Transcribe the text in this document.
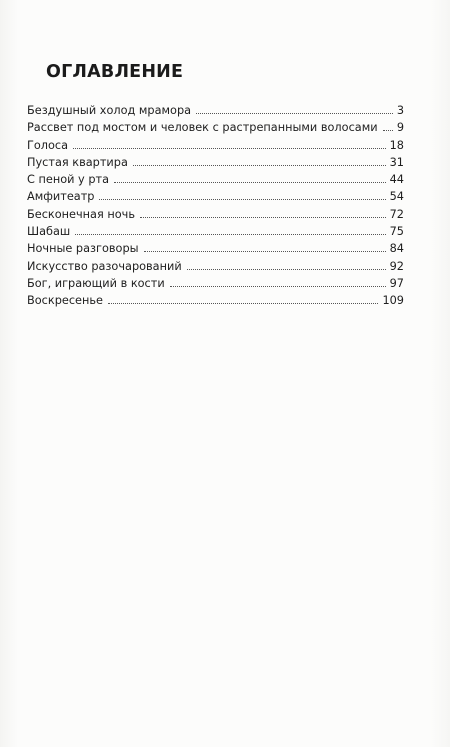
ОГЛАВЛЕНИЕ
Бездушный холод мрамора	3
Рассвет под мостом и человек с растрепанными волосами 9
Голоса	18
Пустая квартира	31
С пеной у рта	44
Амфитеатр	54
Бесконечная ночь	72
Шабаш	75
Ночные разговоры	84
Искусство разочарований	92
Бог, играющий в кости	97
Воскресенье	109
